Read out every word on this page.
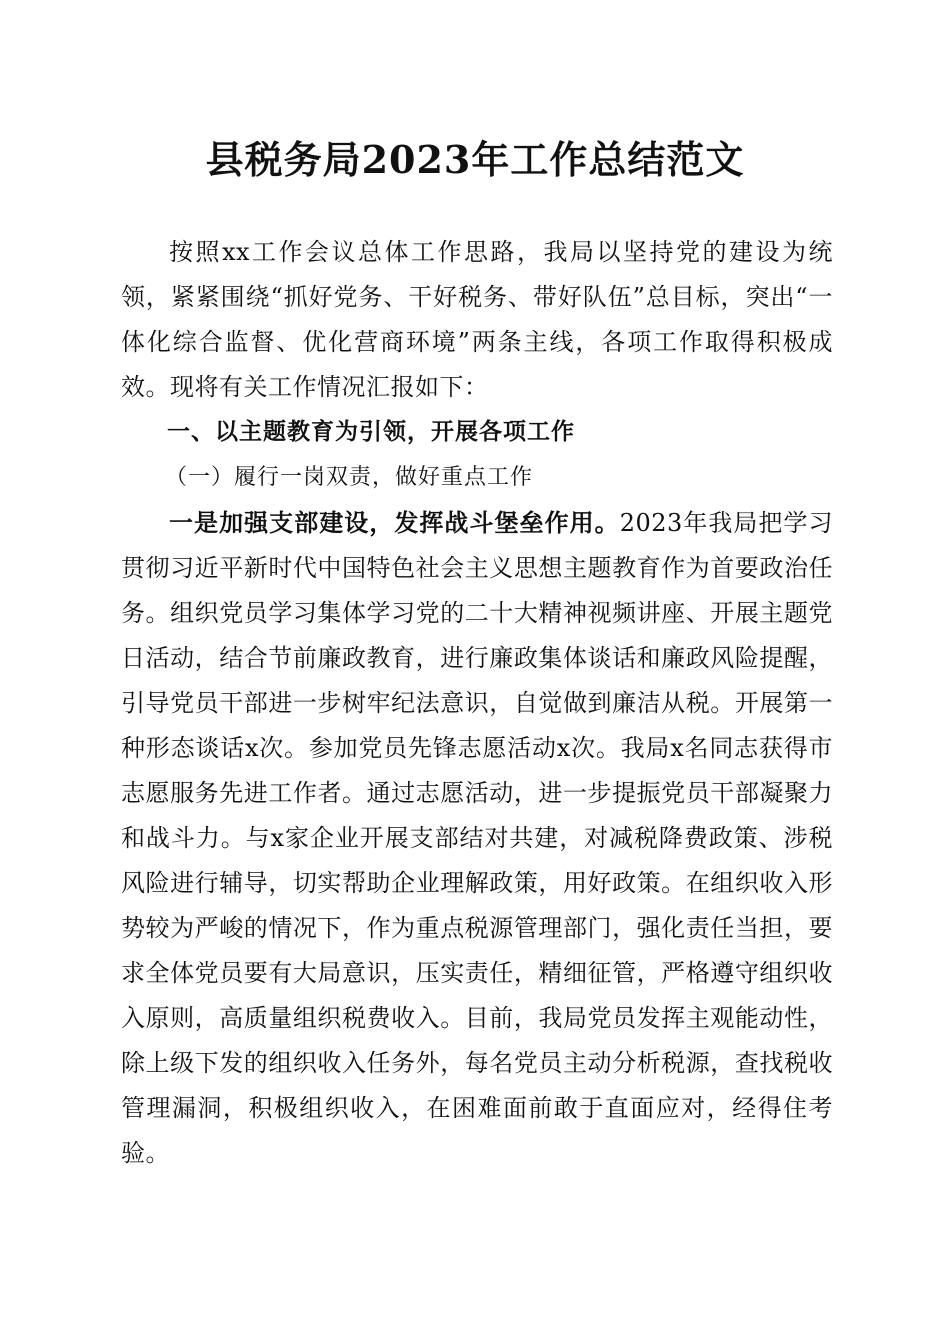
县税务局2023年工作总结范文

按照xx工作会议总体工作思路，我局以坚持党的建设为统领，紧紧围绕“抓好党务、干好税务、带好队伍”总目标，突出“一体化综合监督、优化营商环境”两条主线，各项工作取得积极成效。现将有关工作情况汇报如下：

一、以主题教育为引领，开展各项工作

（一）履行一岗双责，做好重点工作

一是加强支部建设，发挥战斗堡垒作用。2023年我局把学习贯彻习近平新时代中国特色社会主义思想主题教育作为首要政治任务。组织党员学习集体学习党的二十大精神视频讲座、开展主题党日活动，结合节前廉政教育，进行廉政集体谈话和廉政风险提醒，引导党员干部进一步树牢纪法意识，自觉做到廉洁从税。开展第一种形态谈话x次。参加党员先锋志愿活动x次。我局x名同志获得市志愿服务先进工作者。通过志愿活动，进一步提振党员干部凝聚力和战斗力。与x家企业开展支部结对共建，对减税降费政策、涉税风险进行辅导，切实帮助企业理解政策，用好政策。在组织收入形势较为严峻的情况下，作为重点税源管理部门，强化责任当担，要求全体党员要有大局意识，压实责任，精细征管，严格遵守组织收入原则，高质量组织税费收入。目前，我局党员发挥主观能动性，除上级下发的组织收入任务外，每名党员主动分析税源，查找税收管理漏洞，积极组织收入，在困难面前敢于直面应对，经得住考验。
